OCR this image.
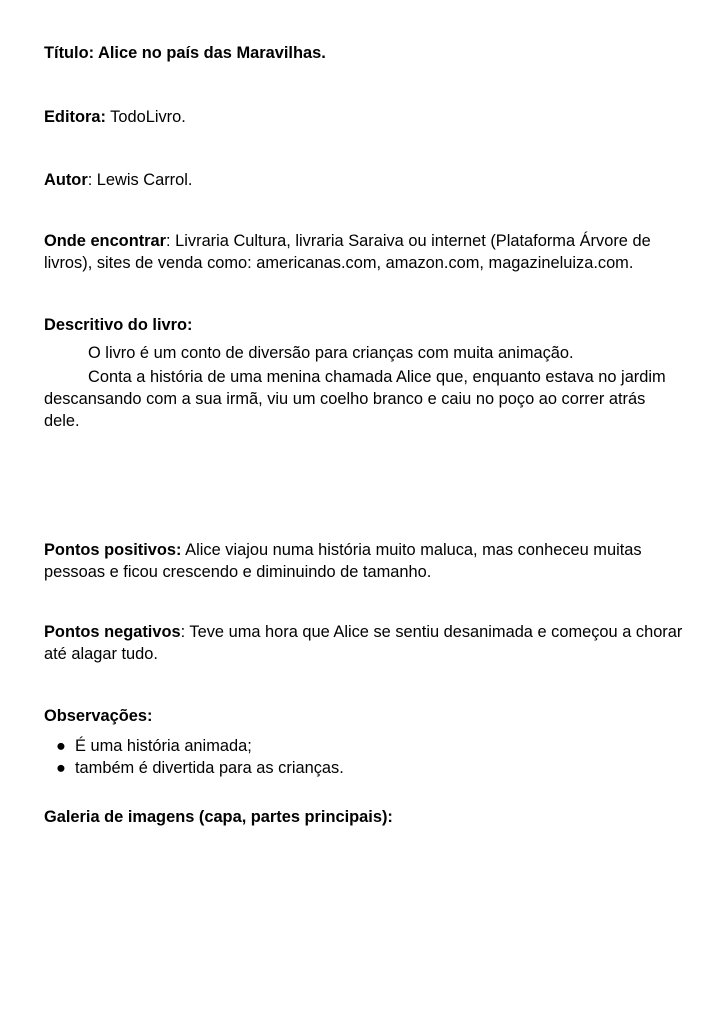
Título: Alice no país das Maravilhas.
Editora: TodoLivro.
Autor: Lewis Carrol.
Onde encontrar: Livraria Cultura, livraria Saraiva ou internet (Plataforma Árvore de livros), sites de venda como: americanas.com, amazon.com, magazineluiza.com.
Descritivo do livro:

O livro é um conto de diversão para crianças com muita animação.

Conta a história de uma menina chamada Alice que, enquanto estava no jardim descansando com a sua irmã, viu um coelho branco e caiu no poço ao correr atrás dele.

Pontos positivos: Alice viajou numa história muito maluca, mas conheceu muitas pessoas e ficou crescendo e diminuindo de tamanho.
Pontos negativos: Teve uma hora que Alice se sentiu desanimada e começou a chorar até alagar tudo.
Observações:
● É uma história animada;
● também é divertida para as crianças.
Galeria de imagens (capa, partes principais):
